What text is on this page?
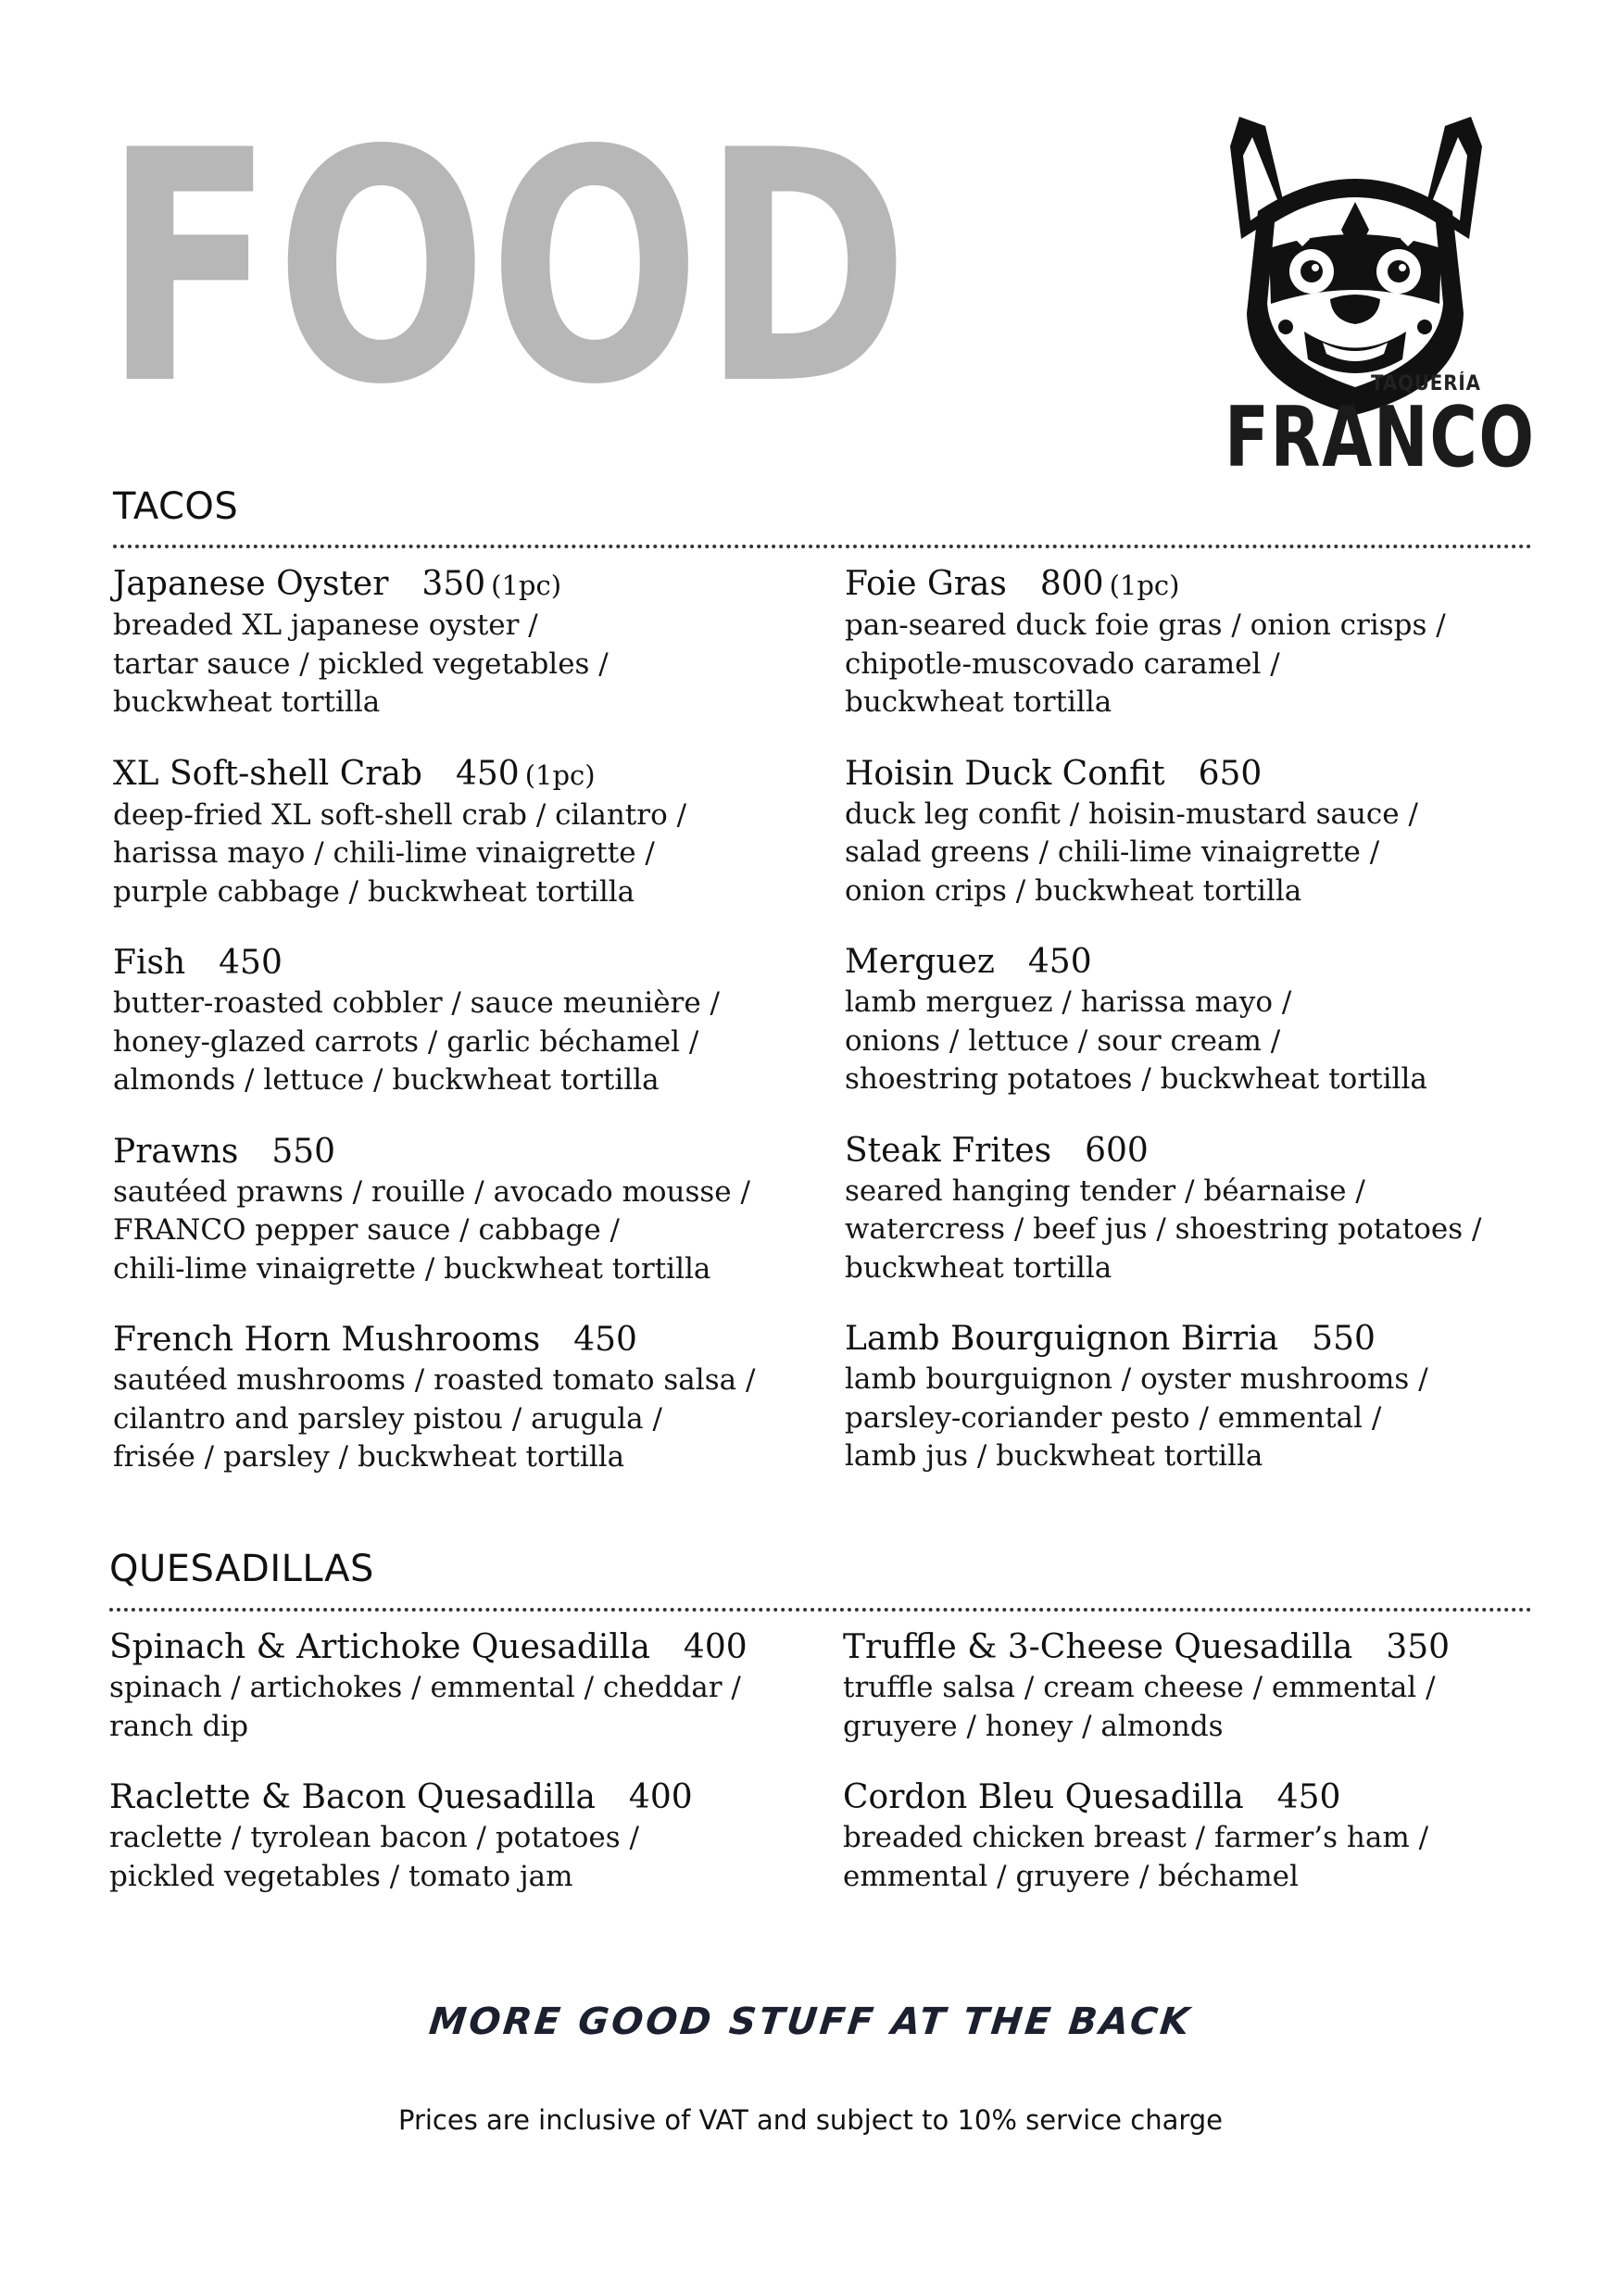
FOOD	TAQUERÍA
FRANCO
TACOS
Japanese Oyster 350 (1pc)
breaded XL japanese oyster /
tartar sauce / pickled vegetables /
buckwheat tortilla
XL Soft-shell Crab 450 (1pc)
deep-fried XL soft-shell crab / cilantro /
harissa mayo / chili-lime vinaigrette /
purple cabbage / buckwheat tortilla
Fish 450
butter-roasted cobbler / sauce meunière /
honey-glazed carrots / garlic béchamel /
almonds / lettuce / buckwheat tortilla
Prawns 550
sautéed prawns / rouille / avocado mousse /
FRANCO pepper sauce / cabbage /
chili-lime vinaigrette / buckwheat tortilla
French Horn Mushrooms 450
sautéed mushrooms / roasted tomato salsa /
cilantro and parsley pistou / arugula /
frisée / parsley / buckwheat tortilla
Foie Gras 800 (1pc)
pan-seared duck foie gras / onion crisps /
chipotle-muscovado caramel /
buckwheat tortilla
Hoisin Duck Confit 650
duck leg confit / hoisin-mustard sauce /
salad greens / chili-lime vinaigrette /
onion crips / buckwheat tortilla
Merguez 450
lamb merguez / harissa mayo /
onions / lettuce / sour cream /
shoestring potatoes / buckwheat tortilla
Steak Frites 600
seared hanging tender / béarnaise /
watercress / beef jus / shoestring potatoes /
buckwheat tortilla
Lamb Bourguignon Birria 550
lamb bourguignon / oyster mushrooms /
parsley-coriander pesto / emmental /
lamb jus / buckwheat tortilla
QUESADILLAS
Spinach & Artichoke Quesadilla 400
spinach / artichokes / emmental / cheddar /
ranch dip
Raclette & Bacon Quesadilla 400
raclette / tyrolean bacon / potatoes /
pickled vegetables / tomato jam
Truffle & 3-Cheese Quesadilla 350
truffle salsa / cream cheese / emmental /
gruyere / honey / almonds
Cordon Bleu Quesadilla 450
breaded chicken breast / farmer’s ham /
emmental / gruyere / béchamel
MORE GOOD STUFF AT THE BACK
Prices are inclusive of VAT and subject to 10% service charge
